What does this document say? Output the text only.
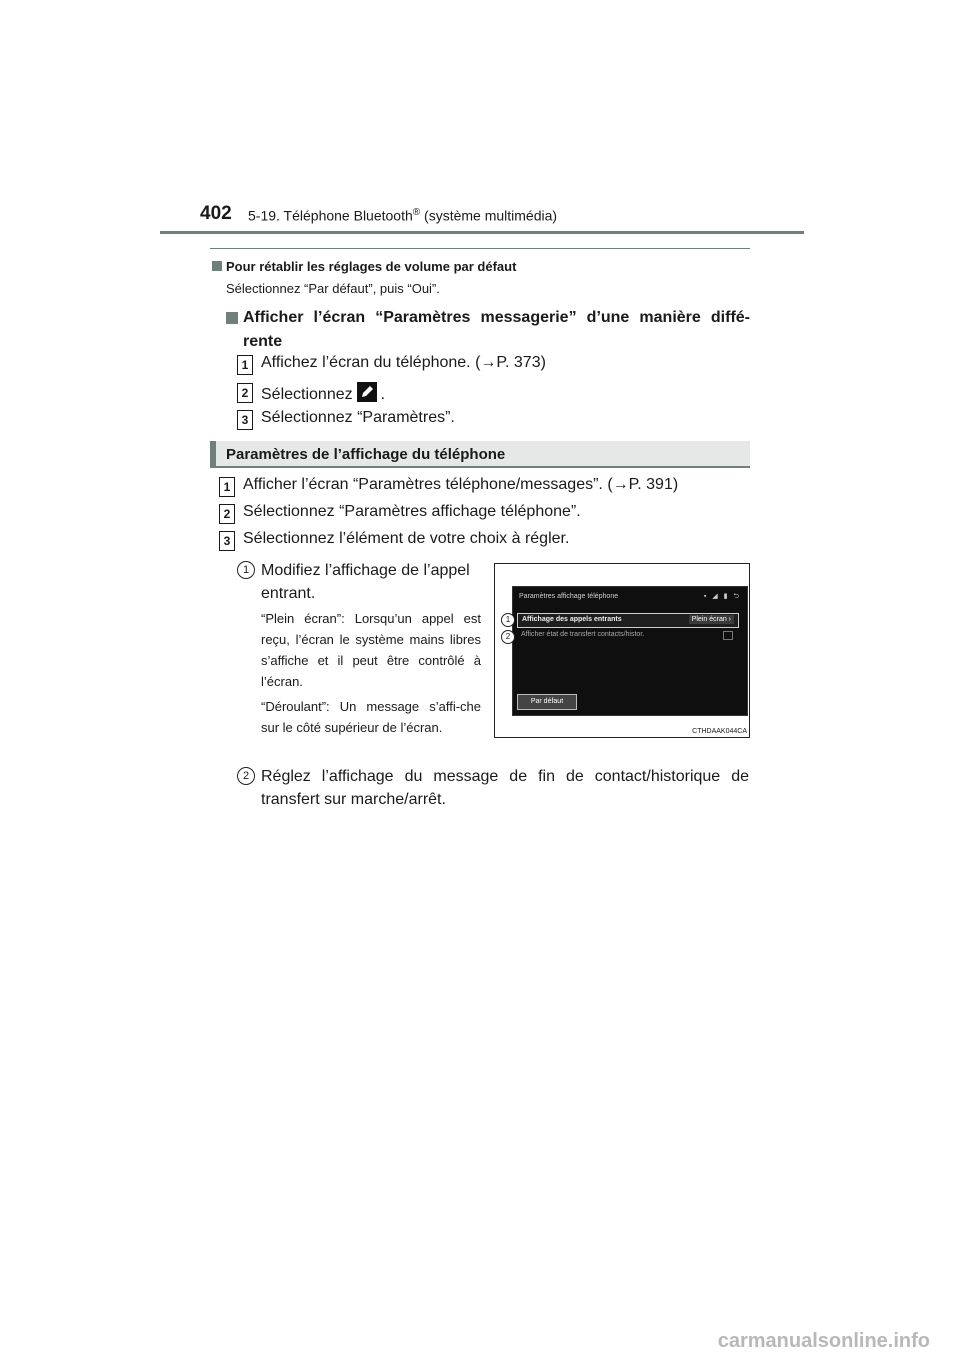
402 5-19. Téléphone Bluetooth® (système multimédia)
Pour rétablir les réglages de volume par défaut
Sélectionnez “Par défaut”, puis “Oui”.
Afficher l’écran “Paramètres messagerie” d’une manière diffé-rente
1 Affichez l’écran du téléphone. (→P. 373)
2 Sélectionnez .
3 Sélectionnez “Paramètres”.
Paramètres de l’affichage du téléphone
1 Afficher l’écran “Paramètres téléphone/messages”. (→P. 391)
2 Sélectionnez “Paramètres affichage téléphone”.
3 Sélectionnez l’élément de votre choix à régler.
1 Modifiez l’affichage de l’appel entrant.
“Plein écran”: Lorsqu’un appel est reçu, l’écran le système mains libres s’affiche et il peut être contrôlé à l’écran.
“Déroulant”: Un message s’affi-che sur le côté supérieur de l’écran.
Paramètres affichage téléphone	▪ ◢ ▮ ⮌
Affichage des appels entrants	Plein écran ›
Afficher état de transfert contacts/histor.
Par défaut
1
2
CTHDAAK044CA
2 Réglez l’affichage du message de fin de contact/historique de transfert sur marche/arrêt.
carmanualsonline.info
